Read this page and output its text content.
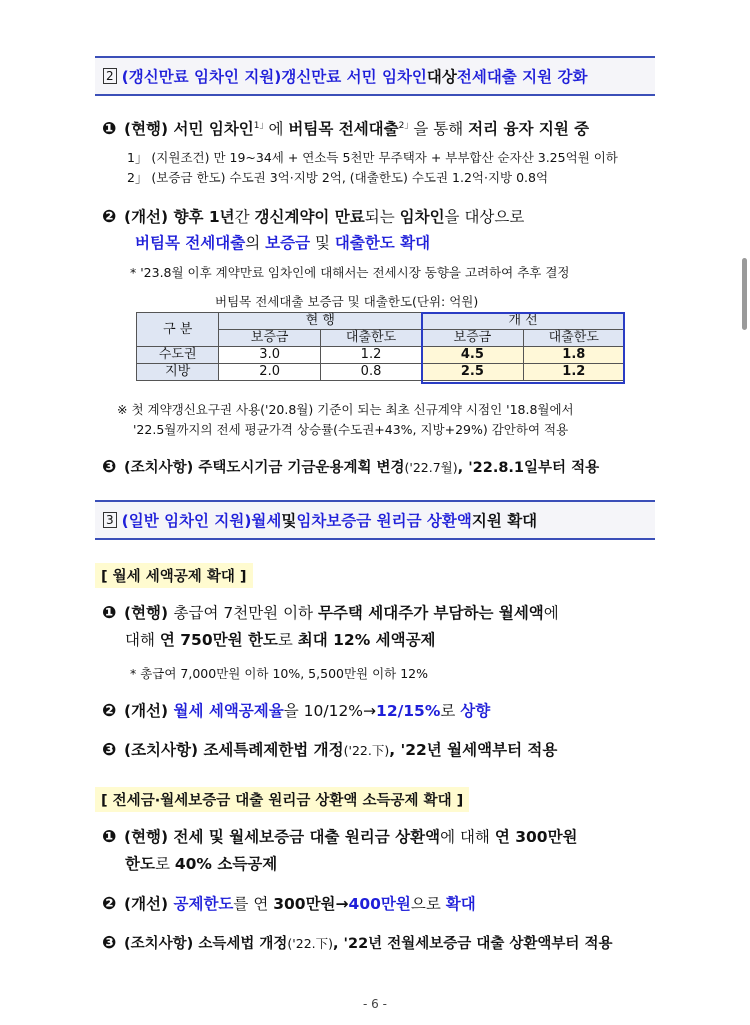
2 (갱신만료 임차인 지원) 갱신만료 서민 임차인 대상 전세대출 지원 강화
❶ (현행) 서민 임차인$^{1」}$에 버팀목 전세대출$^{2」}$을 통해 저리 융자 지원 중
1」 (지원조건) 만 19~34세 + 연소득 5천만 무주택자 + 부부합산 순자산 3.25억원 이하
2」 (보증금 한도) 수도권 3억·지방 2억, (대출한도) 수도권 1.2억·지방 0.8억
❷ (개선) 향후 1년간 갱신계약이 만료되는 임차인을 대상으로
버팀목 전세대출의 보증금 및 대출한도 확대
* '23.8월 이후 계약만료 임차인에 대해서는 전세시장 동향을 고려하여 추후 결정
버팀목 전세대출 보증금 및 대출한도(단위: 억원)
구 분	현 행		개 선	
	보증금	대출한도	보증금	대출한도
수도권	3.0	1.2	4.5	1.8
지방	2.0	0.8	2.5	1.2
※ 첫 계약갱신요구권 사용('20.8월) 기준이 되는 최초 신규계약 시점인 '18.8월에서
'22.5월까지의 전세 평균가격 상승률(수도권+43%, 지방+29%) 감안하여 적용
❸ (조치사항) 주택도시기금 기금운용계획 변경('22.7월), '22.8.1일부터 적용
3 (일반 임차인 지원) 월세 및 임차보증금 원리금 상환액 지원 확대
[ 월세 세액공제 확대 ]
❶ (현행) 총급여 7천만원 이하 무주택 세대주가 부담하는 월세액에
대해 연 750만원 한도로 최대 12% 세액공제
* 총급여 7,000만원 이하 10%, 5,500만원 이하 12%
❷ (개선) 월세 세액공제율을 10/12%→12/15%로 상향
❸ (조치사항) 조세특례제한법 개정('22.下), '22년 월세액부터 적용
[ 전세금·월세보증금 대출 원리금 상환액 소득공제 확대 ]
❶ (현행) 전세 및 월세보증금 대출 원리금 상환액에 대해 연 300만원
한도로 40% 소득공제
❷ (개선) 공제한도를 연 300만원→400만원으로 확대
❸ (조치사항) 소득세법 개정('22.下), '22년 전월세보증금 대출 상환액부터 적용
- 6 -
